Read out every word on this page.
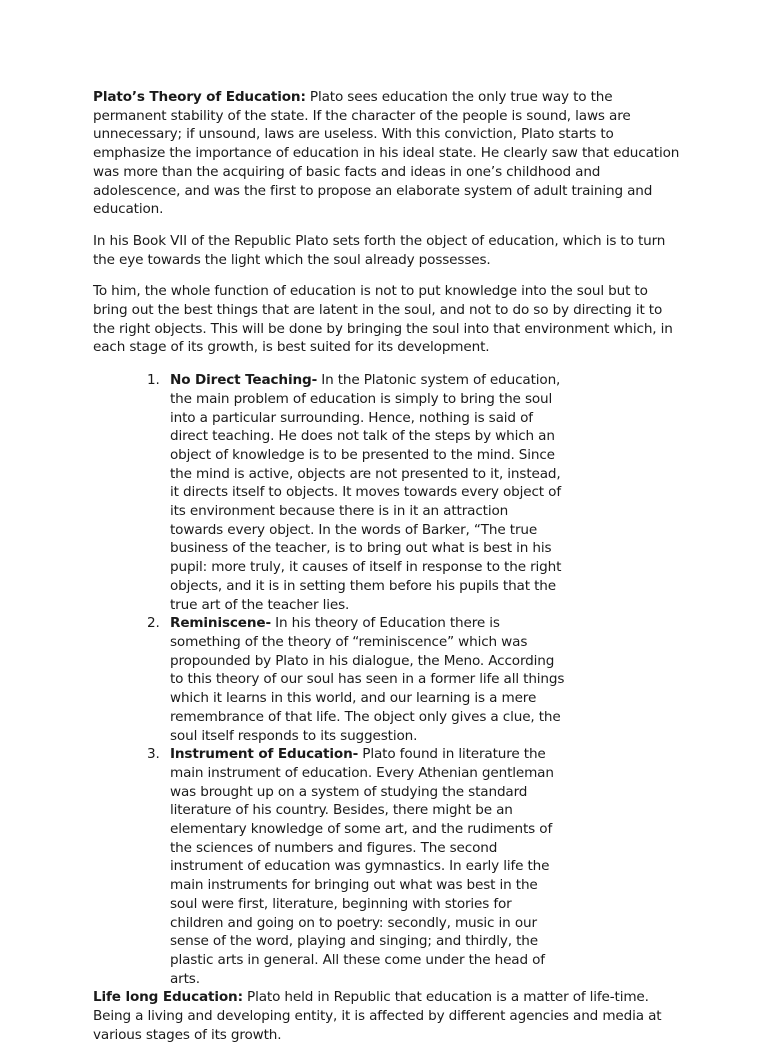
Plato’s Theory of Education: Plato sees education the only true way to the permanent stability of the state. If the character of the people is sound, laws are unnecessary; if unsound, laws are useless. With this conviction, Plato starts to emphasize the importance of education in his ideal state. He clearly saw that education was more than the acquiring of basic facts and ideas in one’s childhood and adolescence, and was the first to propose an elaborate system of adult training and education.

In his Book VII of the Republic Plato sets forth the object of education, which is to turn the eye towards the light which the soul already possesses.

To him, the whole function of education is not to put knowledge into the soul but to bring out the best things that are latent in the soul, and not to do so by directing it to the right objects. This will be done by bringing the soul into that environment which, in each stage of its growth, is best suited for its development.

1. No Direct Teaching- In the Platonic system of education, the main problem of education is simply to bring the soul into a particular surrounding. Hence, nothing is said of direct teaching. He does not talk of the steps by which an object of knowledge is to be presented to the mind. Since the mind is active, objects are not presented to it, instead, it directs itself to objects. It moves towards every object of its environment because there is in it an attraction towards every object. In the words of Barker, “The true business of the teacher, is to bring out what is best in his pupil: more truly, it causes of itself in response to the right objects, and it is in setting them before his pupils that the true art of the teacher lies.
2. Reminiscene- In his theory of Education there is something of the theory of “reminiscence” which was propounded by Plato in his dialogue, the Meno. According to this theory of our soul has seen in a former life all things which it learns in this world, and our learning is a mere remembrance of that life. The object only gives a clue, the soul itself responds to its suggestion.
3. Instrument of Education- Plato found in literature the main instrument of education. Every Athenian gentleman was brought up on a system of studying the standard literature of his country. Besides, there might be an elementary knowledge of some art, and the rudiments of the sciences of numbers and figures. The second instrument of education was gymnastics. In early life the main instruments for bringing out what was best in the soul were first, literature, beginning with stories for children and going on to poetry: secondly, music in our sense of the word, playing and singing; and thirdly, the plastic arts in general. All these come under the head of arts.

Life long Education: Plato held in Republic that education is a matter of life-time. Being a living and developing entity, it is affected by different agencies and media at various stages of its growth.
